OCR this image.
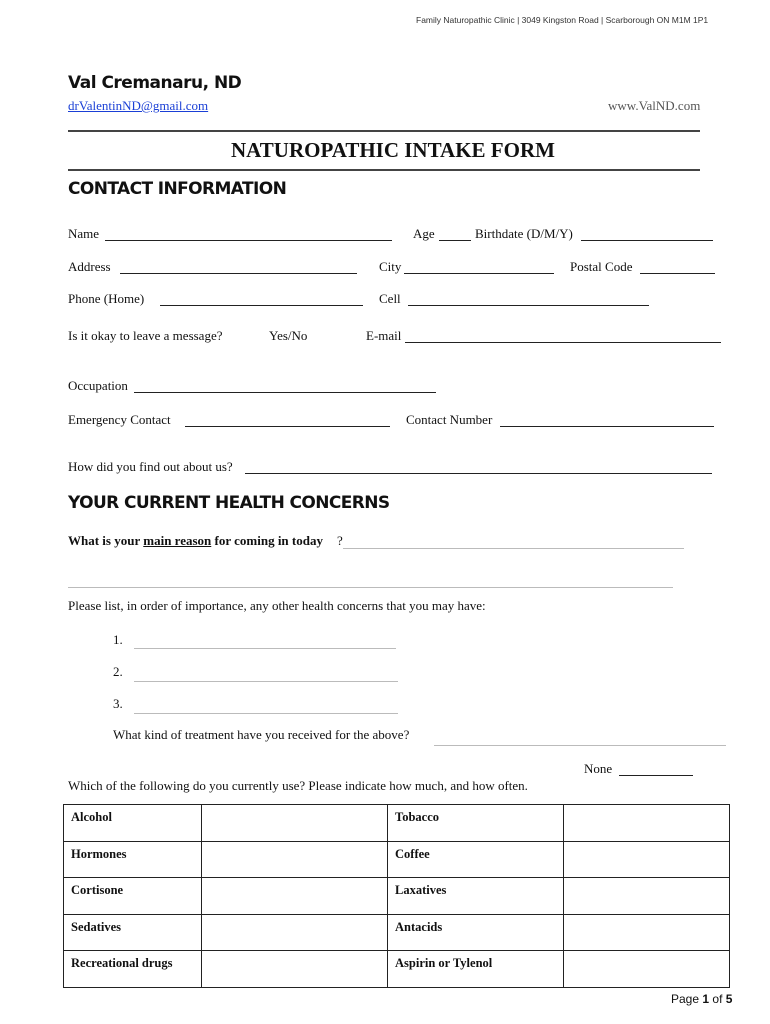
Family Naturopathic Clinic | 3049 Kingston Road | Scarborough ON M1M 1P1
Val Cremanaru, ND
drValentinND@gmail.com	www.ValND.com
NATUROPATHIC INTAKE FORM
CONTACT INFORMATION
Name	Age	Birthdate (D/M/Y)
Address	City	Postal Code
Phone (Home)	Cell
Is it okay to leave a message?	Yes/No	E-mail
Occupation
Emergency Contact	Contact Number
How did you find out about us?
YOUR CURRENT HEALTH CONCERNS
What is your main reason for coming in today ?
Please list, in order of importance, any other health concerns that you may have:
1.
2.
3.
What kind of treatment have you received for the above?
None
Which of the following do you currently use? Please indicate how much, and how often.
Alcohol		Tobacco	
Hormones		Coffee	
Cortisone		Laxatives	
Sedatives		Antacids	
Recreational drugs		Aspirin or Tylenol	
Page 1 of 5
